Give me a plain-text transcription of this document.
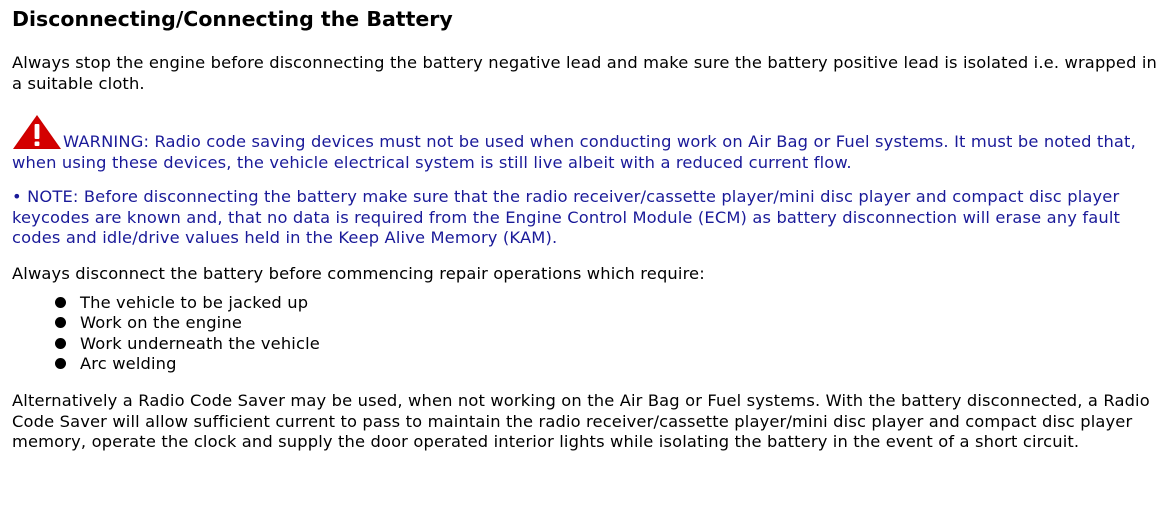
Disconnecting/Connecting the Battery

Always stop the engine before disconnecting the battery negative lead and make sure the battery positive lead is isolated i.e. wrapped in a suitable cloth.

WARNING: Radio code saving devices must not be used when conducting work on Air Bag or Fuel systems. It must be noted that, when using these devices, the vehicle electrical system is still live albeit with a reduced current flow.

• NOTE: Before disconnecting the battery make sure that the radio receiver/cassette player/mini disc player and compact disc player keycodes are known and, that no data is required from the Engine Control Module (ECM) as battery disconnection will erase any fault codes and idle/drive values held in the Keep Alive Memory (KAM).

Always disconnect the battery before commencing repair operations which require:

The vehicle to be jacked up
Work on the engine
Work underneath the vehicle
Arc welding

Alternatively a Radio Code Saver may be used, when not working on the Air Bag or Fuel systems. With the battery disconnected, a Radio Code Saver will allow sufficient current to pass to maintain the radio receiver/cassette player/mini disc player and compact disc player memory, operate the clock and supply the door operated interior lights while isolating the battery in the event of a short circuit.
